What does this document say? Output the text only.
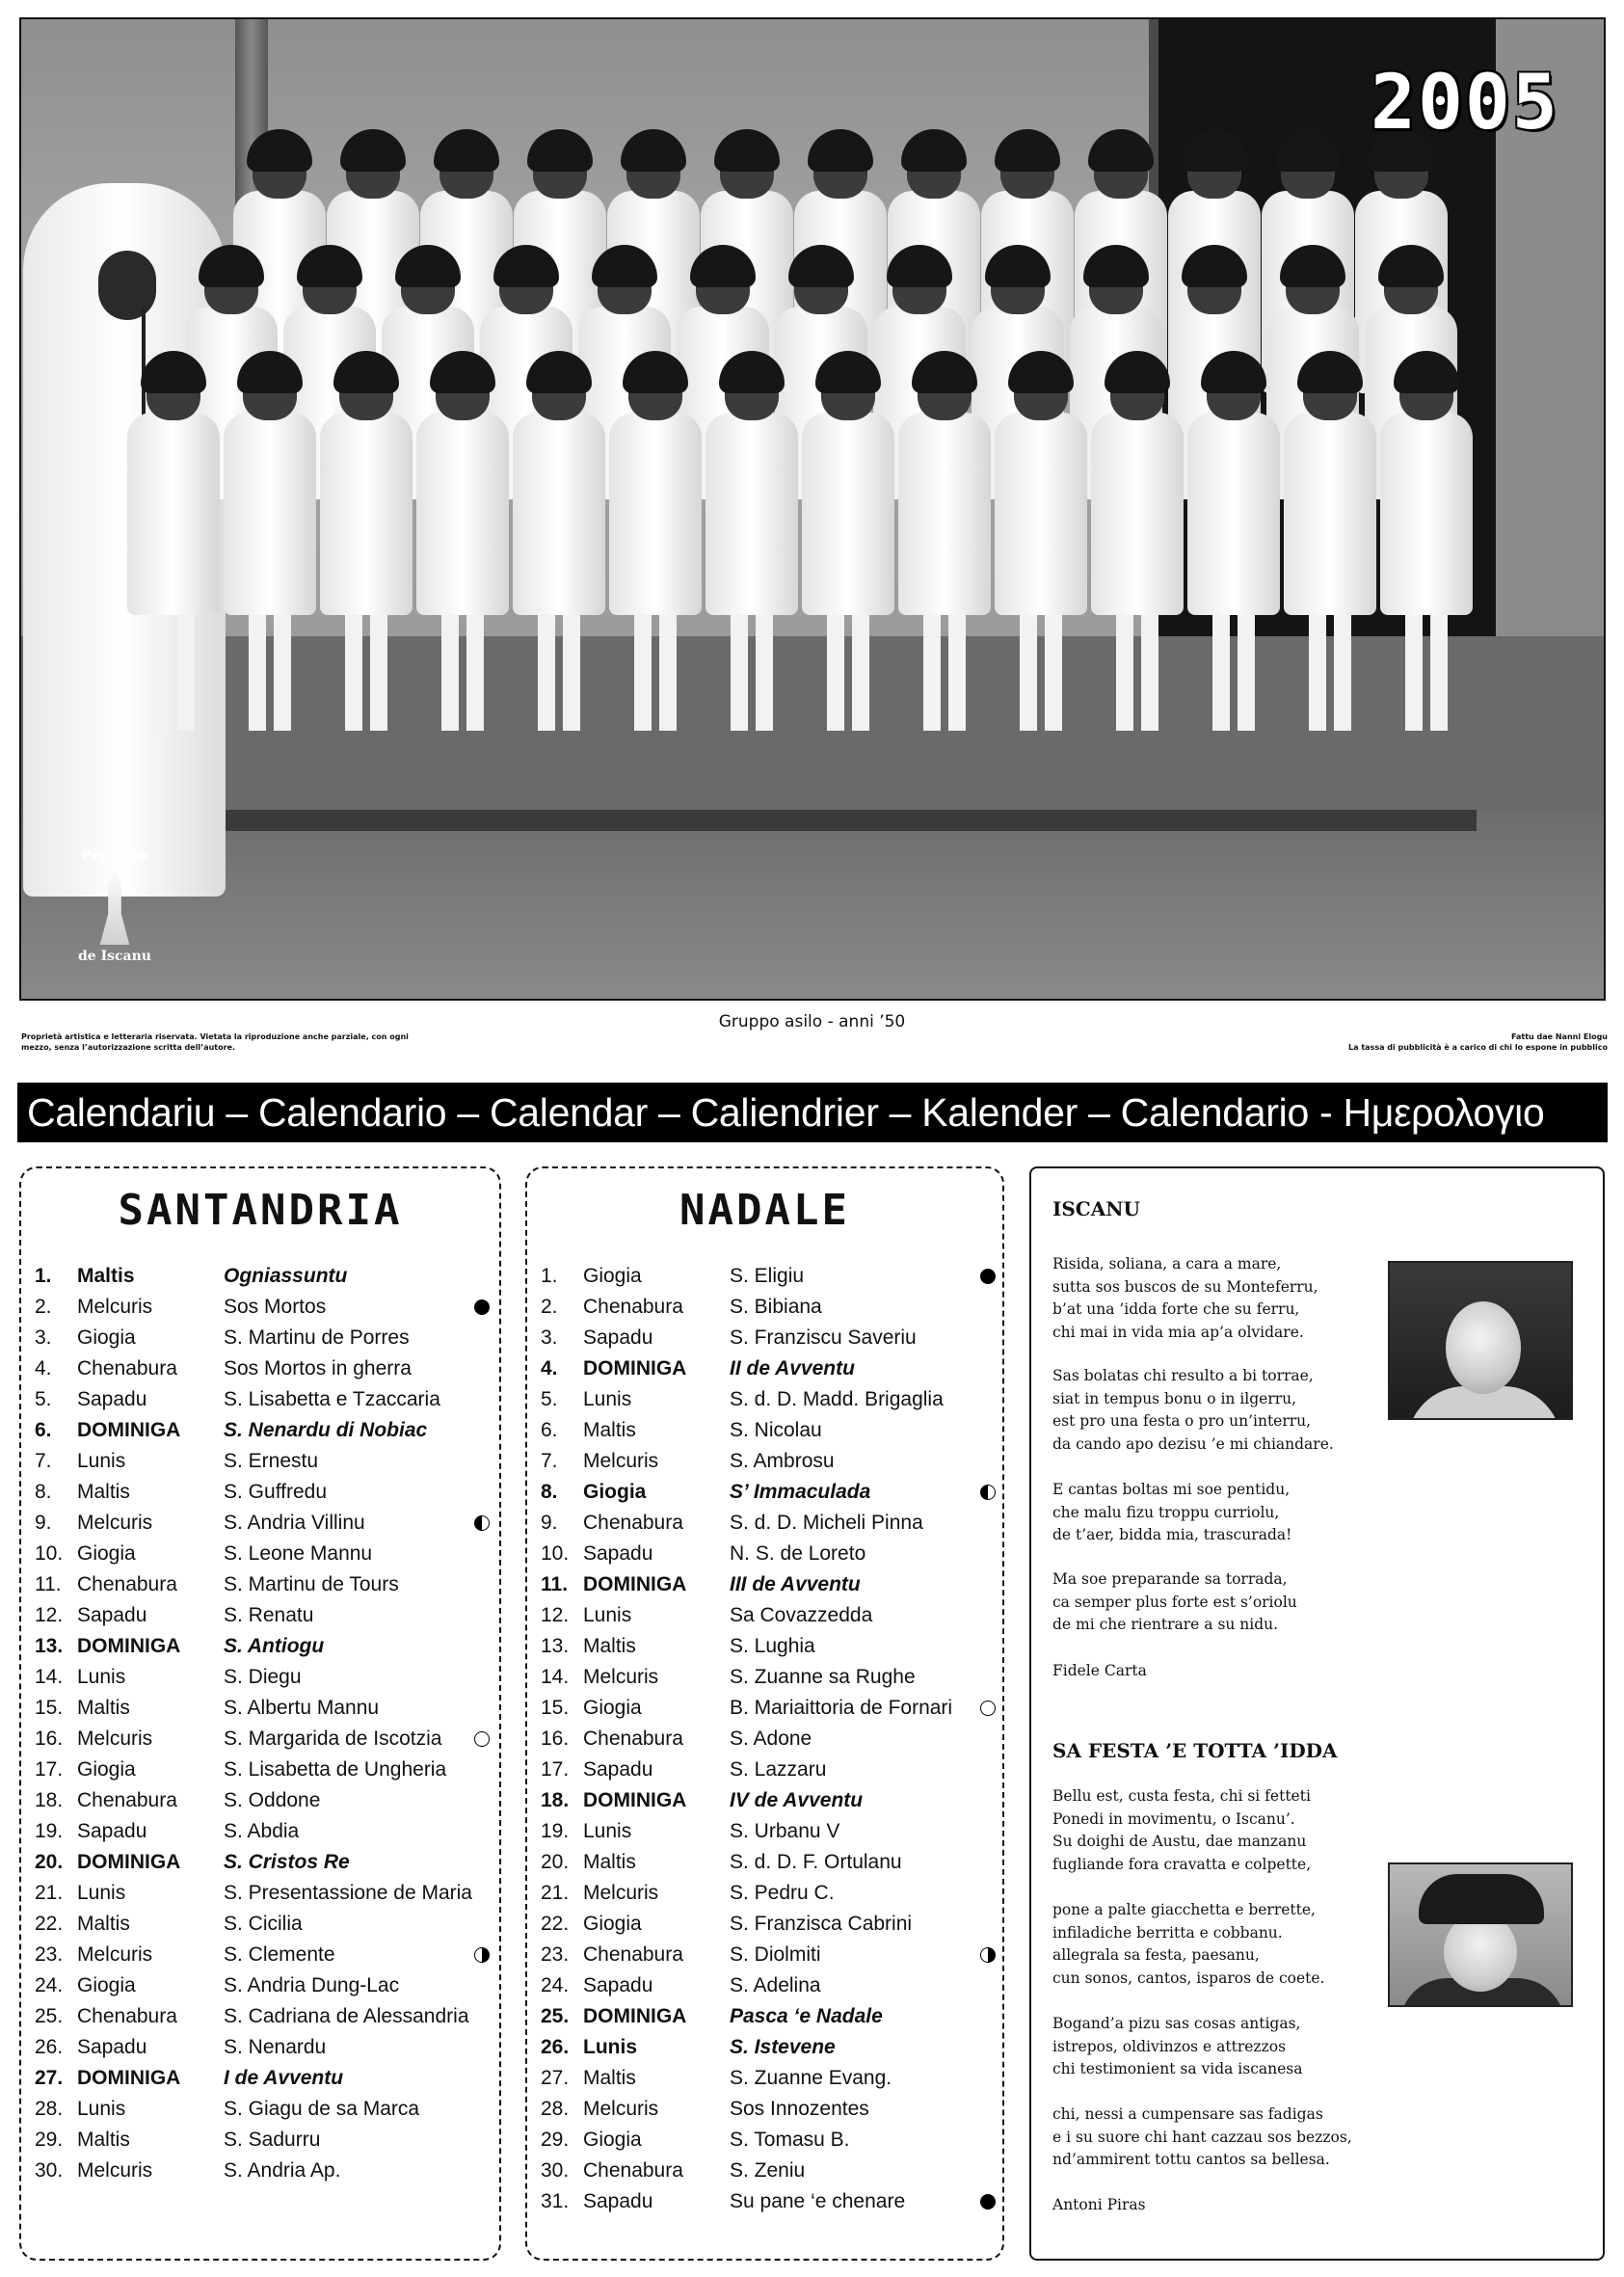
Pro Loco
de Iscanu
2005
Gruppo asilo - anni ’50
Proprietà artistica e letteraria riservata. Vietata la riproduzione anche parziale, con ogni mezzo, senza l’autorizzazione scritta dell’autore.
Fattu dae Nanni Elogu
La tassa di pubblicità è a carico di chi lo espone in pubblico
Calendariu – Calendario – Calendar – Caliendrier – Kalender – Calendario - Ημερολογιο
SANTANDRIA
1. Maltis	Ogniassuntu
2. Melcuris	Sos Mortos
3. Giogia	S. Martinu de Porres
4. Chenabura Sos Mortos in gherra
5. Sapadu	S. Lisabetta e Tzaccaria
6. DOMINIGA S. Nenardu di Nobiac
7. Lunis	S. Ernestu
8. Maltis	S. Guffredu
9. Melcuris	S. Andria Villinu
10. Giogia	S. Leone Mannu
11. Chenabura S. Martinu de Tours
12. Sapadu	S. Renatu
13. DOMINIGA S. Antiogu
14. Lunis	S. Diegu
15. Maltis	S. Albertu Mannu
16. Melcuris	S. Margarida de Iscotzia
17. Giogia	S. Lisabetta de Ungheria
18. Chenabura S. Oddone
19. Sapadu	S. Abdia
20. DOMINIGA S. Cristos Re
21. Lunis	S. Presentassione de Maria
22. Maltis	S. Cicilia
23. Melcuris	S. Clemente
24. Giogia	S. Andria Dung-Lac
25. Chenabura S. Cadriana de Alessandria
26. Sapadu	S. Nenardu
27. DOMINIGA I de Avventu
28. Lunis	S. Giagu de sa Marca
29. Maltis	S. Sadurru
30. Melcuris	S. Andria Ap.
NADALE
1. Giogia	S. Eligiu
2. Chenabura S. Bibiana
3. Sapadu	S. Franziscu Saveriu
4. DOMINIGA II de Avventu
5. Lunis	S. d. D. Madd. Brigaglia
6. Maltis	S. Nicolau
7. Melcuris	S. Ambrosu
8. Giogia	S’ Immaculada
9. Chenabura S. d. D. Micheli Pinna
10. Sapadu	N. S. de Loreto
11. DOMINIGA III de Avventu
12. Lunis	Sa Covazzedda
13. Maltis	S. Lughia
14. Melcuris	S. Zuanne sa Rughe
15. Giogia	B. Mariaittoria de Fornari
16. Chenabura S. Adone
17. Sapadu	S. Lazzaru
18. DOMINIGA IV de Avventu
19. Lunis	S. Urbanu V
20. Maltis	S. d. D. F. Ortulanu
21. Melcuris	S. Pedru C.
22. Giogia	S. Franzisca Cabrini
23. Chenabura S. Diolmiti
24. Sapadu	S. Adelina
25. DOMINIGA Pasca ‘e Nadale
26. Lunis	S. Istevene
27. Maltis	S. Zuanne Evang.
28. Melcuris	Sos Innozentes
29. Giogia	S. Tomasu B.
30. Chenabura S. Zeniu
31. Sapadu	Su pane ‘e chenare
ISCANU
Risida, soliana, a cara a mare,
sutta sos buscos de su Monteferru,
b’at una ’idda forte che su ferru,
chi mai in vida mia ap’a olvidare.
Sas bolatas chi resulto a bi torrae,
siat in tempus bonu o in ilgerru,
est pro una festa o pro un’interru,
da cando apo dezisu ’e mi chiandare.
E cantas boltas mi soe pentidu,
che malu fizu troppu curriolu,
de t’aer, bidda mia, trascurada!
Ma soe preparande sa torrada,
ca semper plus forte est s’oriolu
de mi che rientrare a su nidu.
Fidele Carta
SA FESTA ’E TOTTA ’IDDA
Bellu est, custa festa, chi si fetteti
Ponedi in movimentu, o Iscanu’.
Su doighi de Austu, dae manzanu
fugliande fora cravatta e colpette,
pone a palte giacchetta e berrette,
infiladiche berritta e cobbanu.
allegrala sa festa, paesanu,
cun sonos, cantos, isparos de coete.
Bogand’a pizu sas cosas antigas,
istrepos, oldivinzos e attrezzos
chi testimonient sa vida iscanesa
chi, nessi a cumpensare sas fadigas
e i su suore chi hant cazzau sos bezzos,
nd’ammirent tottu cantos sa bellesa.
Antoni Piras
